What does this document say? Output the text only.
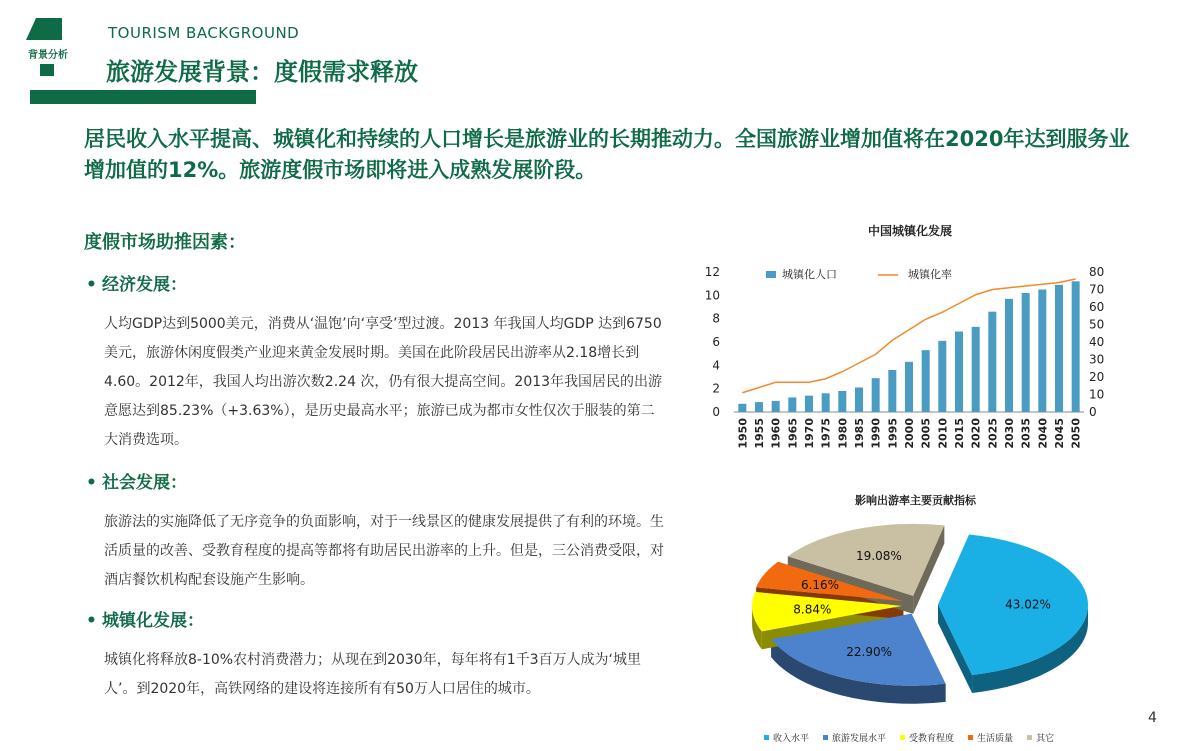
背景分析
TOURISM BACKGROUND
旅游发展背景：度假需求释放
居民收入水平提高、城镇化和持续的人口增长是旅游业的长期推动力。全国旅游业增加值将在2020年达到服务业增加值的12%。旅游度假市场即将进入成熟发展阶段。
度假市场助推因素：
• 经济发展：
人均GDP达到5000美元，消费从‘温饱’向‘享受’型过渡。2013 年我国人均GDP 达到6750 美元，旅游休闲度假类产业迎来黄金发展时期。美国在此阶段居民出游率从2.18增长到4.60。2012年，我国人均出游次数2.24 次，仍有很大提高空间。2013年我国居民的出游意愿达到85.23%（+3.63%），是历史最高水平；旅游已成为都市女性仅次于服装的第二大消费选项。
• 社会发展：
旅游法的实施降低了无序竞争的负面影响，对于一线景区的健康发展提供了有利的环境。生活质量的改善、受教育程度的提高等都将有助居民出游率的上升。但是，三公消费受限，对酒店餐饮机构配套设施产生影响。
• 城镇化发展：
城镇化将释放8-10%农村消费潜力；从现在到2030年，每年将有1千3百万人成为‘城里人’。到2020年，高铁网络的建设将连接所有有50万人口居住的城市。
中国城镇化发展
0
2
4
6
8
10
12
0
10
20
30
40
50
60
70
80
1950 1955 1960 1965 1970 1975 1980 1985 1990 1995 2000 2005 2010 2015 2020 2025 2030 2035 2040 2045 2050
城镇化人口	城镇化率
影响出游率主要贡献指标
43.02%
22.90%
8.84%
6.16%
19.08%
收入水平	旅游发展水平	受教育程度	生活质量	其它
4
